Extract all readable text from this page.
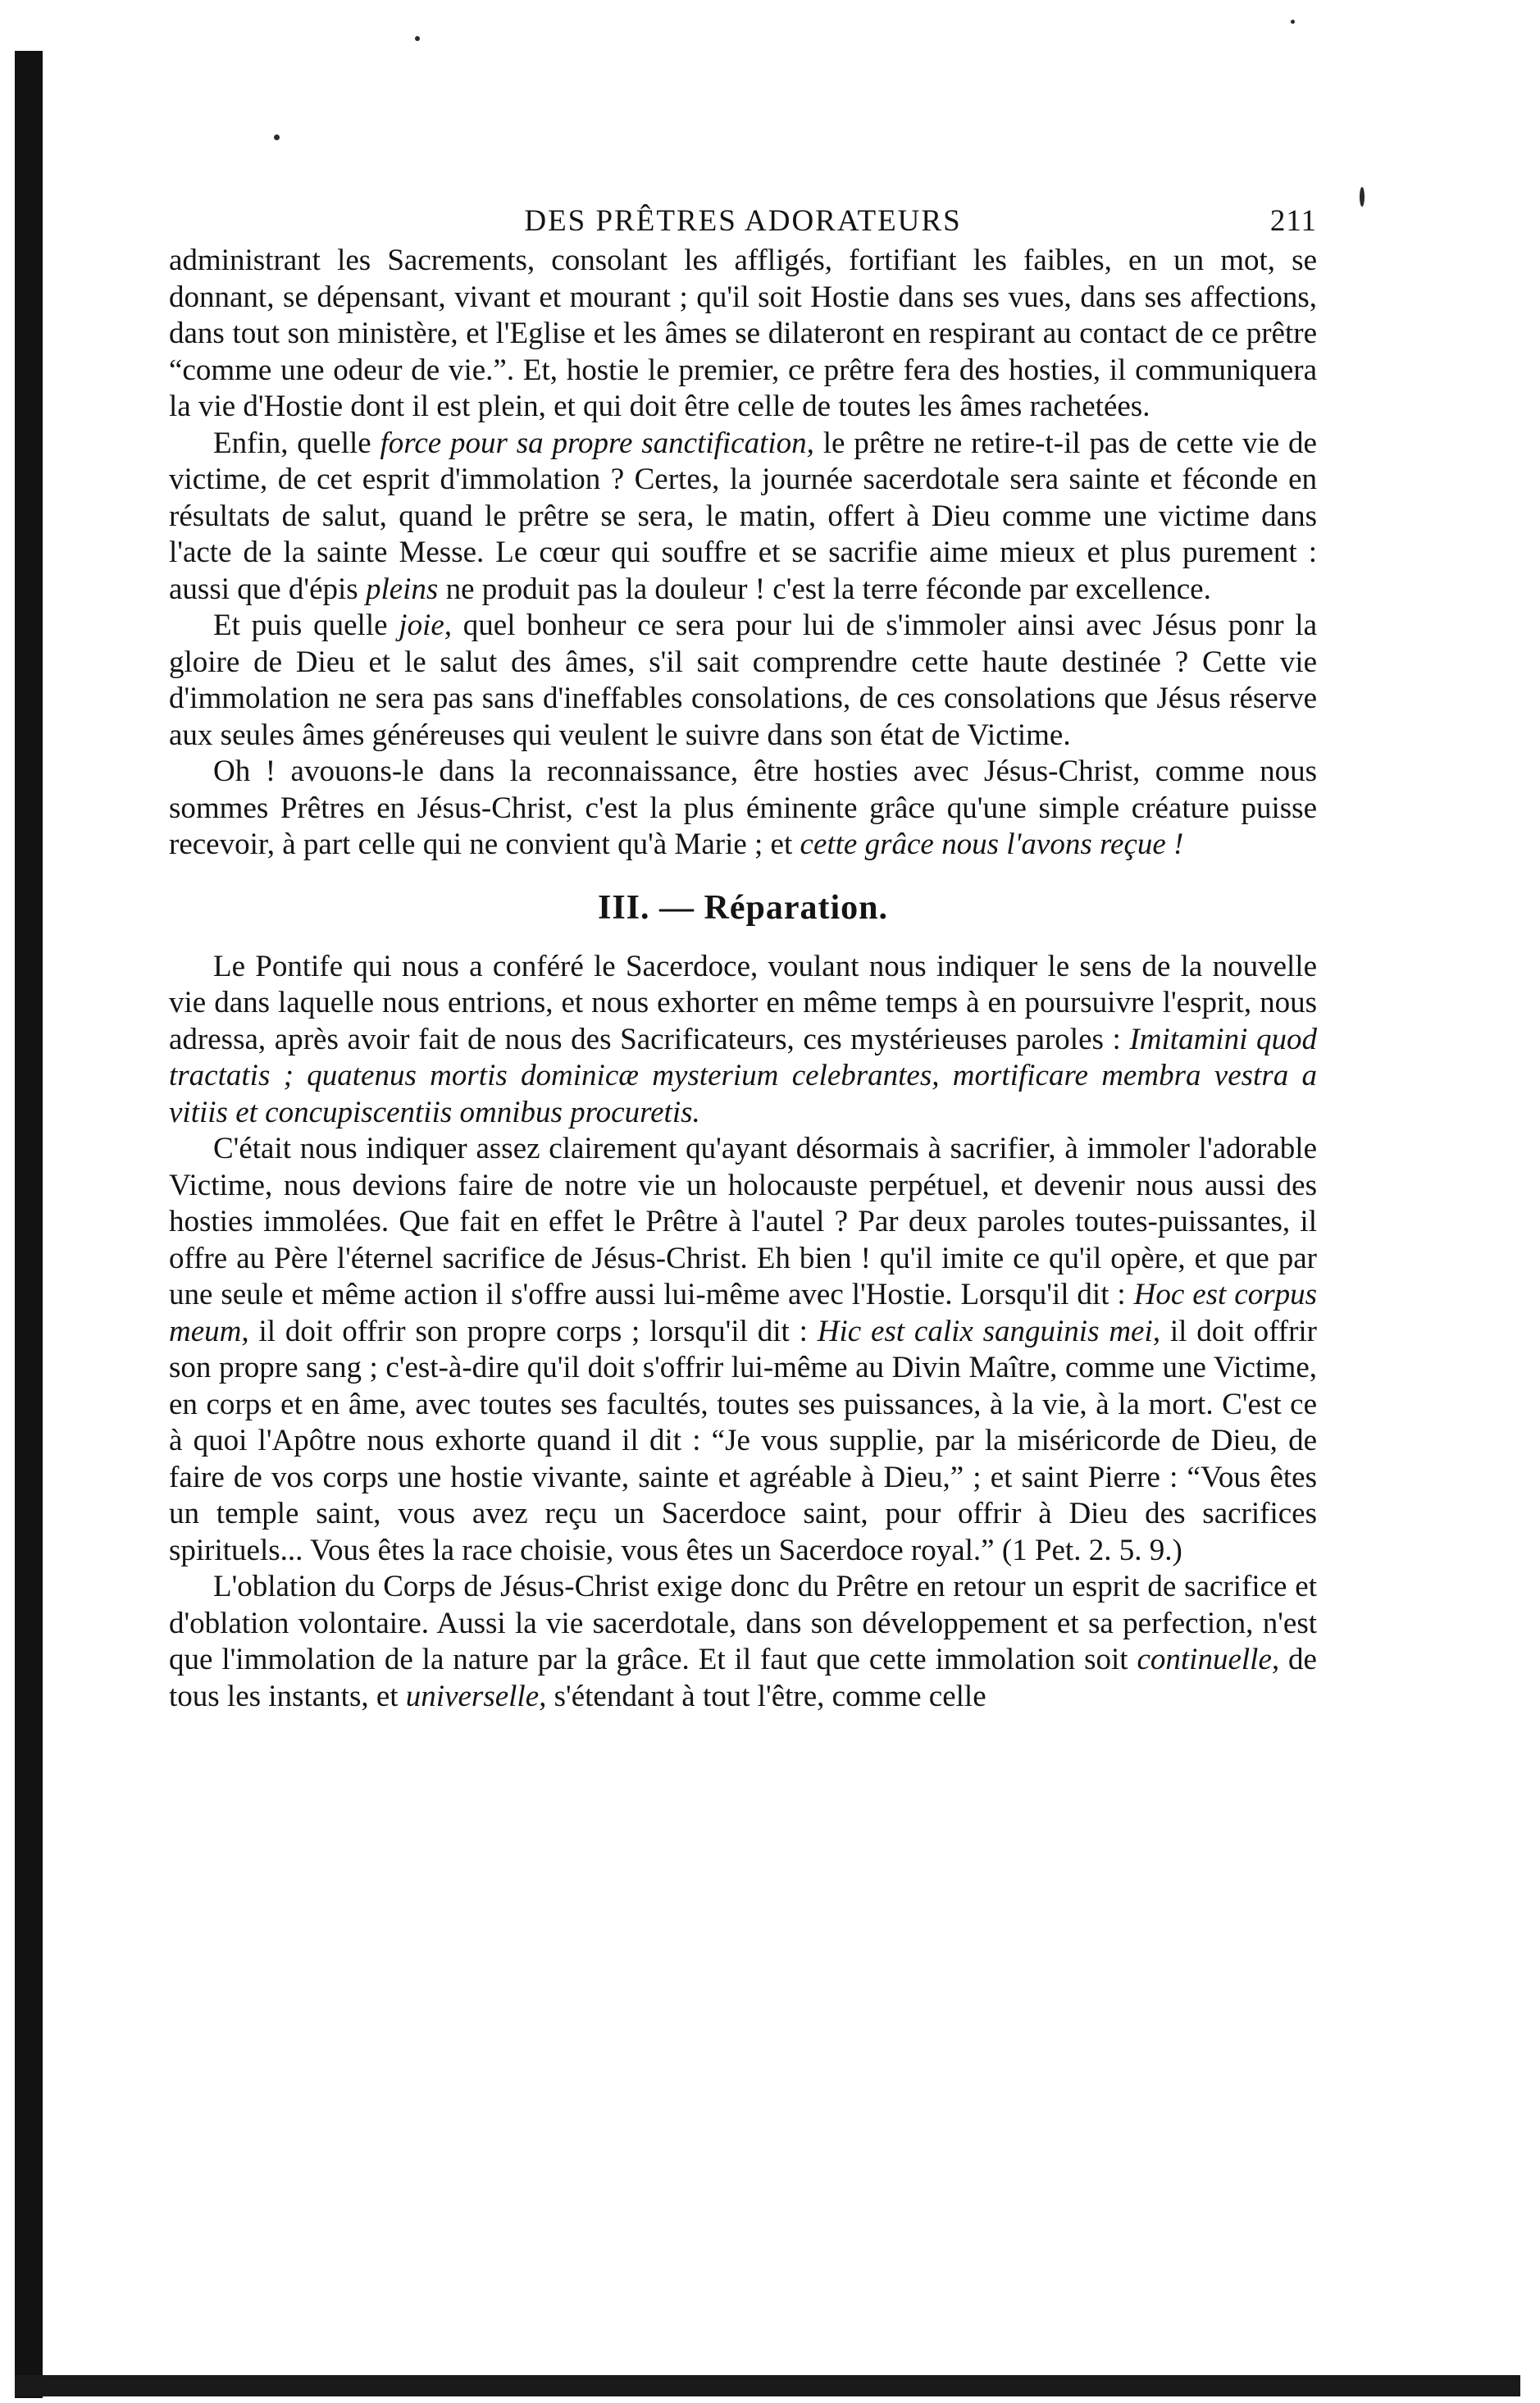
DES PRÊTRES ADORATEURS	211

administrant les Sacrements, consolant les affligés, fortifiant les faibles, en un mot, se donnant, se dépensant, vivant et mourant ; qu'il soit Hostie dans ses vues, dans ses affections, dans tout son ministère, et l'Eglise et les âmes se dilateront en respirant au contact de ce prêtre “comme une odeur de vie.”. Et, hostie le premier, ce prêtre fera des hosties, il communiquera la vie d'Hostie dont il est plein, et qui doit être celle de toutes les âmes rachetées.

Enfin, quelle force pour sa propre sanctification, le prêtre ne retire-t-il pas de cette vie de victime, de cet esprit d'immolation ? Certes, la journée sacerdotale sera sainte et féconde en résultats de salut, quand le prêtre se sera, le matin, offert à Dieu comme une victime dans l'acte de la sainte Messe. Le cœur qui souffre et se sacrifie aime mieux et plus purement : aussi que d'épis pleins ne produit pas la douleur ! c'est la terre féconde par excellence.

Et puis quelle joie, quel bonheur ce sera pour lui de s'immoler ainsi avec Jésus ponr la gloire de Dieu et le salut des âmes, s'il sait comprendre cette haute destinée ? Cette vie d'immolation ne sera pas sans d'ineffables consolations, de ces consolations que Jésus réserve aux seules âmes généreuses qui veulent le suivre dans son état de Victime.

Oh ! avouons-le dans la reconnaissance, être hosties avec Jésus-Christ, comme nous sommes Prêtres en Jésus-Christ, c'est la plus éminente grâce qu'une simple créature puisse recevoir, à part celle qui ne convient qu'à Marie ; et cette grâce nous l'avons reçue !

III. — Réparation.

Le Pontife qui nous a conféré le Sacerdoce, voulant nous indiquer le sens de la nouvelle vie dans laquelle nous entrions, et nous exhorter en même temps à en poursuivre l'esprit, nous adressa, après avoir fait de nous des Sacrificateurs, ces mystérieuses paroles : Imitamini quod tractatis ; quatenus mortis dominicæ mysterium celebrantes, mortificare membra vestra a vitiis et concupiscentiis omnibus procuretis.

C'était nous indiquer assez clairement qu'ayant désormais à sacrifier, à immoler l'adorable Victime, nous devions faire de notre vie un holocauste perpétuel, et devenir nous aussi des hosties immolées. Que fait en effet le Prêtre à l'autel ? Par deux paroles toutes-puissantes, il offre au Père l'éternel sacrifice de Jésus-Christ. Eh bien ! qu'il imite ce qu'il opère, et que par une seule et même action il s'offre aussi lui-même avec l'Hostie. Lorsqu'il dit : Hoc est corpus meum, il doit offrir son propre corps ; lorsqu'il dit : Hic est calix sanguinis mei, il doit offrir son propre sang ; c'est-à-dire qu'il doit s'offrir lui-même au Divin Maître, comme une Victime, en corps et en âme, avec toutes ses facultés, toutes ses puissances, à la vie, à la mort. C'est ce à quoi l'Apôtre nous exhorte quand il dit : “Je vous supplie, par la miséricorde de Dieu, de faire de vos corps une hostie vivante, sainte et agréable à Dieu,” ; et saint Pierre : “Vous êtes un temple saint, vous avez reçu un Sacerdoce saint, pour offrir à Dieu des sacrifices spirituels... Vous êtes la race choisie, vous êtes un Sacerdoce royal.” (1 Pet. 2. 5. 9.)

L'oblation du Corps de Jésus-Christ exige donc du Prêtre en retour un esprit de sacrifice et d'oblation volontaire. Aussi la vie sacerdotale, dans son développement et sa perfection, n'est que l'immolation de la nature par la grâce. Et il faut que cette immolation soit continuelle, de tous les instants, et universelle, s'étendant à tout l'être, comme celle
